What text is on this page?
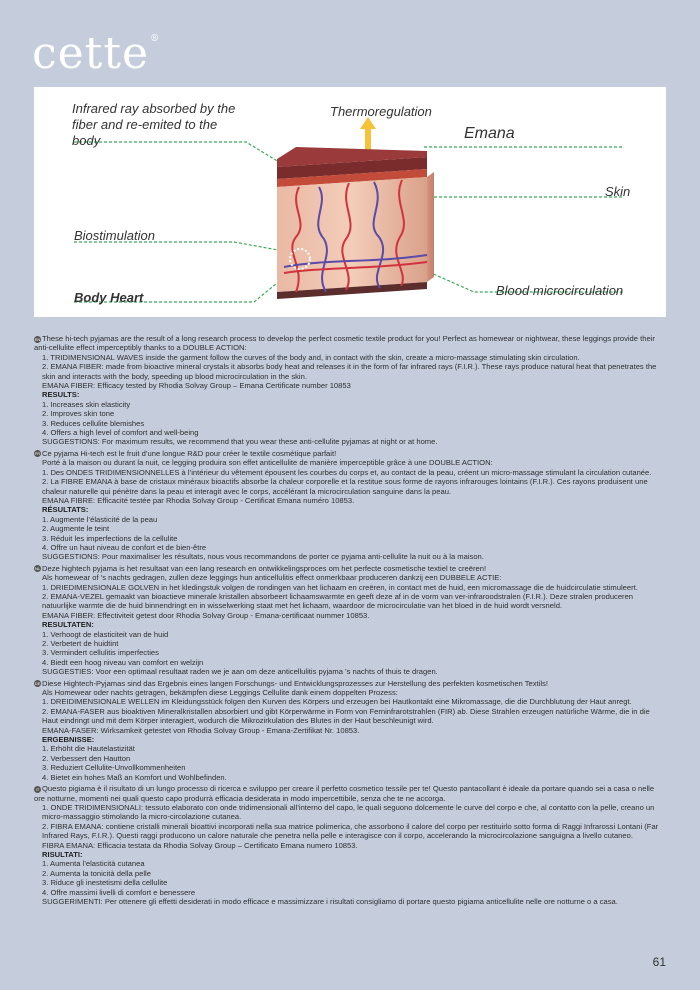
cette®
Infrared ray absorbed by the fiber and re-emited to the body
Thermoregulation
Emana
Skin
Biostimulation
Body Heart	Blood microcirculation

EN These hi-tech pyjamas are the result of a long research process to develop the perfect cosmetic textile product for you! Perfect as homewear or nightwear, these leggings provide their anti-cellulite effect imperceptibly thanks to a DOUBLE ACTION:

1. TRIDIMENSIONAL WAVES inside the garment follow the curves of the body and, in contact with the skin, create a micro-massage stimulating skin circulation.

2. EMANA FIBER: made from bioactive mineral crystals it absorbs body heat and releases it in the form of far infrared rays (F.I.R.). These rays produce natural heat that penetrates the skin and interacts with the body, speeding up blood microcirculation in the skin.

EMANA FIBER: Efficacy tested by Rhodia Solvay Group – Emana Certificate number 10853

RESULTS:

1. Increases skin elasticity

2. Improves skin tone

3. Reduces cellulite blemishes

4. Offers a high level of comfort and well-being

SUGGESTIONS: For maximum results, we recommend that you wear these anti-cellulite pyjamas at night or at home.

FR Ce pyjama Hi-tech est le fruit d’une longue R&D pour créer le textile cosmétique parfait!

Porté à la maison ou durant la nuit, ce legging produira son effet anticellulite de manière imperceptible grâce à une DOUBLE ACTION:

1. Des ONDES TRIDIMENSIONNELLES à l’intérieur du vêtement épousent les courbes du corps et, au contact de la peau, créent un micro-massage stimulant la circulation cutanée.

2. La FIBRE EMANA à base de cristaux minéraux bioactifs absorbe la chaleur corporelle et la restitue sous forme de rayons infrarouges lointains (F.I.R.). Ces rayons produisent une chaleur naturelle qui pénètre dans la peau et interagit avec le corps, accélérant la microcirculation sanguine dans la peau.

EMANA FIBRE: Efficacité testée par Rhodia Solvay Group - Certificat Emana numéro 10853.

RÉSULTATS:

1. Augmente l’élasticité de la peau

2. Augmente le teint

3. Réduit les imperfections de la cellulite

4. Offre un haut niveau de confort et de bien-être

SUGGESTIONS: Pour maximaliser les résultats, nous vous recommandons de porter ce pyjama anti-cellulite la nuit ou à la maison.

NL Deze hightech pyjama is het resultaat van een lang research en ontwikkelingsproces om het perfecte cosmetische textiel te creëren!

Als homewear of ’s nachts gedragen, zullen deze leggings hun anticellulitis effect onmerkbaar produceren dankzij een DUBBELE ACTIE:

1. DRIEDIMENSIONALE GOLVEN in het kledingstuk volgen de rondingen van het lichaam en creëren, in contact met de huid, een micromassage die de huidcirculatie stimuleert.

2. EMANA-VEZEL gemaakt van bioactieve minerale kristallen absorbeert lichaamswarmte en geeft deze af in de vorm van ver-infraroodstralen (F.I.R.). Deze stralen produceren natuurlijke warmte die de huid binnendringt en in wisselwerking staat met het lichaam, waardoor de microcirculatie van het bloed in de huid wordt versneld.

EMANA FIBER: Effectiviteit getest door Rhodia Solvay Group - Emana-certificaat nummer 10853.

RESULTATEN:

1. Verhoogt de elasticiteit van de huid

2. Verbetert de huidtint

3. Vermindert cellulitis imperfecties

4. Biedt een hoog niveau van comfort en welzijn

SUGGESTIES: Voor een optimaal resultaat raden we je aan om deze anticellulitis pyjama ’s nachts of thuis te dragen.

DE Diese Hightech-Pyjamas sind das Ergebnis eines langen Forschungs- und Entwicklungsprozesses zur Herstellung des perfekten kosmetischen Textils!

Als Homewear oder nachts getragen, bekämpfen diese Leggings Cellulite dank einem doppelten Prozess:

1. DREIDIMENSIONALE WELLEN im Kleidungsstück folgen den Kurven des Körpers und erzeugen bei Hautkontakt eine Mikromassage, die die Durchblutung der Haut anregt.

2. EMANA-FASER aus bioaktiven Mineralkristallen absorbiert und gibt Körperwärme in Form von Ferninfrarotstrahlen (FIR) ab. Diese Strahlen erzeugen natürliche Wärme, die in die Haut eindringt und mit dem Körper interagiert, wodurch die Mikrozirkulation des Blutes in der Haut beschleunigt wird.

EMANA-FASER: Wirksamkeit getestet von Rhodia Solvay Group - Emana-Zertifikat Nr. 10853.

ERGEBNISSE:

1. Erhöht die Hautelastizität

2. Verbessert den Hautton

3. Reduziert Cellulite-Unvollkommenheiten

4. Bietet ein hohes Maß an Komfort und Wohlbefinden.

IT Questo pigiama è il risultato di un lungo processo di ricerca e sviluppo per creare il perfetto cosmetico tessile per te! Questo pantacollant è ideale da portare quando sei a casa o nelle ore notturne, momenti nei quali questo capo produrrà efficacia desiderata in modo impercettibile, senza che te ne accorga.

1. ONDE TRIDIMENSIONALI: tessuto elaborato con onde tridimensionali all’interno del capo, le quali seguono dolcemente le curve del corpo e che, al contatto con la pelle, creano un micro-massaggio stimolando la micro-circolazione cutanea.

2. FIBRA EMANA: contiene cristalli minerali bioattivi incorporati nella sua matrice polimerica, che assorbono il calore del corpo per restituirlo sotto forma di Raggi Infrarossi Lontani (Far Infrared Rays, F.I.R.). Questi raggi producono un calore naturale che penetra nella pelle e interagisce con il corpo, accelerando la microcircolazione sanguigna a livello cutaneo.

FIBRA EMANA: Efficacia testata da Rhodia Solvay Group – Certificato Emana numero 10853.

RISULTATI:

1. Aumenta l’elasticità cutanea

2. Aumenta la tonicità della pelle

3. Riduce gli inestetismi della cellulite

4. Offre massimi livelli di comfort e benessere

SUGGERIMENTI: Per ottenere gli effetti desiderati in modo efficace e massimizzare i risultati consigliamo di portare questo pigiama anticellulite nelle ore notturne o a casa.

61
